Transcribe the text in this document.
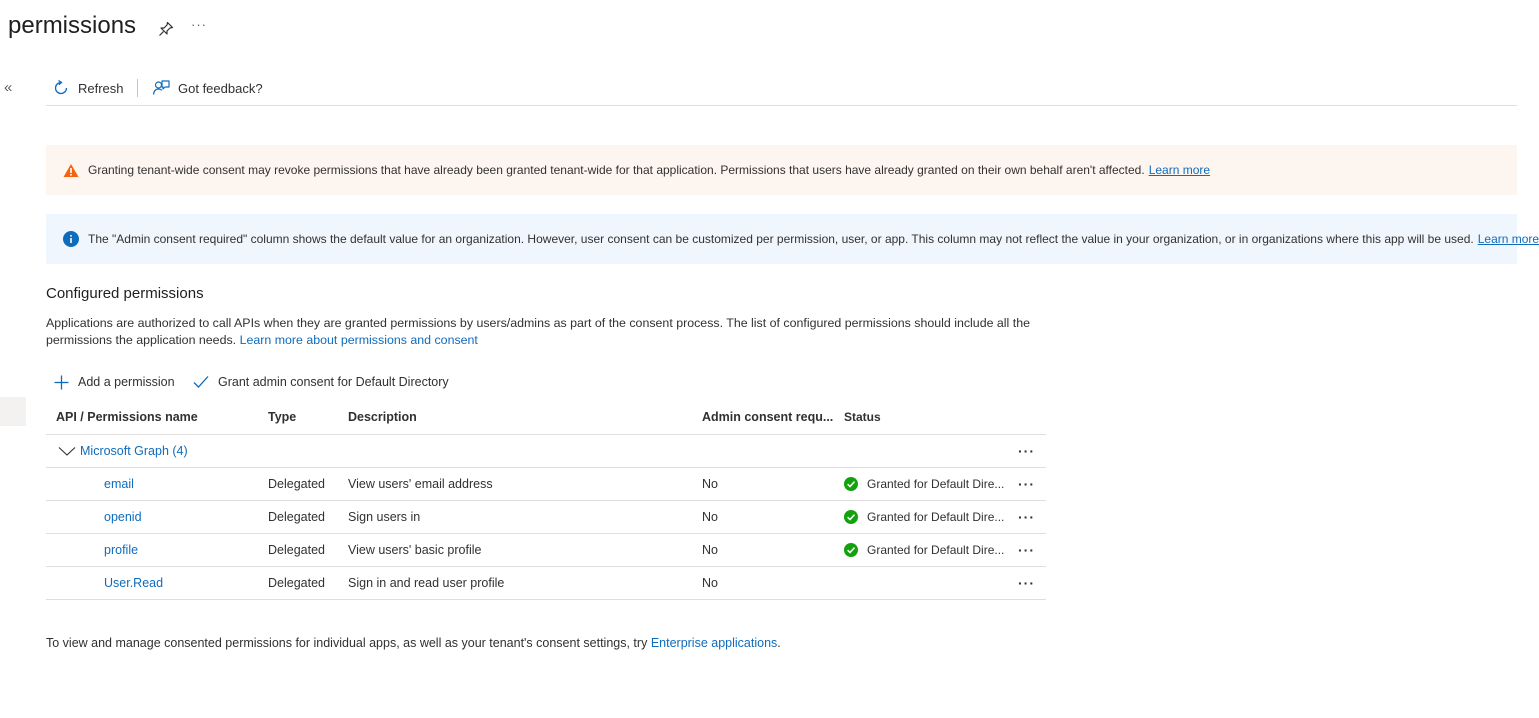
permissions	···
«	Refresh	Got feedback?
Granting tenant-wide consent may revoke permissions that have already been granted tenant-wide for that application. Permissions that users have already granted on their own behalf aren't affected. Learn more
The "Admin consent required" column shows the default value for an organization. However, user consent can be customized per permission, user, or app. This column may not reflect the value in your organization, or in organizations where this app will be used. Learn more
Configured permissions
Applications are authorized to call APIs when they are granted permissions by users/admins as part of the consent process. The list of configured permissions should include all the permissions the application needs. Learn more about permissions and consent
Add a permission	Grant admin consent for Default Directory
API / Permissions name	Type	Description	Admin consent requ... Status
Microsoft Graph (4)	···
email	Delegated View users' email address	No	Granted for Default Dire... ···
openid	Delegated Sign users in	No	Granted for Default Dire... ···
profile	Delegated View users' basic profile	No	Granted for Default Dire... ···
User.Read	Delegated Sign in and read user profile	No	···
To view and manage consented permissions for individual apps, as well as your tenant's consent settings, try Enterprise applications.
